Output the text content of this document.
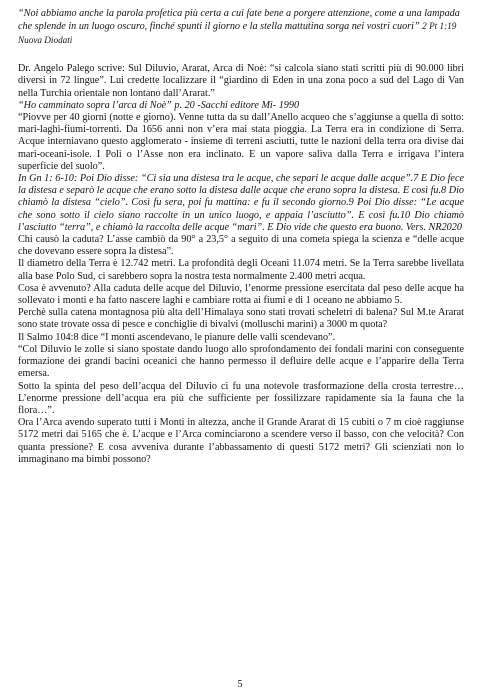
“Noi abbiamo anche la parola profetica più certa a cui fate bene a porgere attenzione, come a una lampada che splende in un luogo oscuro, finché spunti il giorno e la stella mattutina sorga nei vostri cuori” 2 Pt 1:19 Nuova Diodati

Dr. Angelo Palego scrive: Sul Diluvio, Ararat, Arca di Noè: “si calcola siano stati scritti più di 90.000 libri diversi in 72 lingue”. Lui credette localizzare il “giardino di Eden in una zona poco a sud del Lago di Van nella Turchia orientale non lontano dall’Ararat.”

“Ho camminato sopra l’arca di Noè” p. 20 -Sacchi editore Mi- 1990

“Piovve per 40 giorni (notte e giorno). Venne tutta da su dall’Anello acqueo che s’aggiunse a quella di sotto: mari-laghi-fiumi-torrenti. Da 1656 anni non v’era mai stata pioggia. La Terra era in condizione di Serra. Acque interniavano questo agglomerato - insieme di terreni asciutti, tutte le nazioni della terra ora divise dai mari-oceani-isole. I Poli o l’Asse non era inclinato. E un vapore saliva dalla Terra e irrigava l’intera superficie del suolo”.

In Gn 1: 6-10: Poi Dio disse: “Ci sia una distesa tra le acque, che separi le acque dalle acque”.7 E Dio fece la distesa e separò le acque che erano sotto la distesa dalle acque che erano sopra la distesa. E così fu.8 Dio chiamò la distesa “cielo”. Così fu sera, poi fu mattina: e fu il secondo giorno.9 Poi Dio disse: “Le acque che sono sotto il cielo siano raccolte in un unico luogo, e appaia l’asciutto”. E così fu.10 Dio chiamò l’asciutto “terra”, e chiamò la raccolta delle acque “mari”. E Dio vide che questo era buono. Vers. NR2020

Chi causò la caduta? L’asse cambiò da 90° a 23,5° a seguito di una cometa spiega la scienza e “delle acque che dovevano essere sopra la distesa”.

Il diametro della Terra è 12.742 metri. La profondità degli Oceani 11.074 metri. Se la Terra sarebbe livellata alla base Polo Sud, ci sarebbero sopra la nostra testa normalmente 2.400 metri acqua.

Cosa è avvenuto? Alla caduta delle acque del Diluvio, l’enorme pressione esercitata dal peso delle acque ha sollevato i monti e ha fatto nascere laghi e cambiare rotta ai fiumi e di 1 oceano ne abbiamo 5.

Perchè sulla catena montagnosa più alta dell’Himalaya sono stati trovati scheletri di balena? Sul M.te Ararat sono state trovate ossa di pesce e conchiglie di bivalvi (molluschi marini) a 3000 m quota?

Il Salmo 104:8 dice “I monti ascendevano, le pianure delle valli scendevano”.

“Col Diluvio le zolle si siano spostate dando luogo allo sprofondamento dei fondali marini con conseguente formazione dei grandi bacini oceanici che hanno permesso il defluire delle acque e l’apparire della Terra emersa.

Sotto la spinta del peso dell’acqua del Diluvio ci fu una notevole trasformazione della crosta terrestre… L’enorme pressione dell’acqua era più che sufficiente per fossilizzare rapidamente sia la fauna che la flora…”.

Ora l’Arca avendo superato tutti i Monti in altezza, anche il Grande Ararat di 15 cubiti o 7 m cioè raggiunse 5172 metri dai 5165 che è. L’acque e l’Arca cominciarono a scendere verso il basso, con che velocità? Con quanta pressione? E cosa avveniva durante l’abbassamento di questi 5172 metri? Gli scienziati non lo immaginano ma bimbi possono?

5
